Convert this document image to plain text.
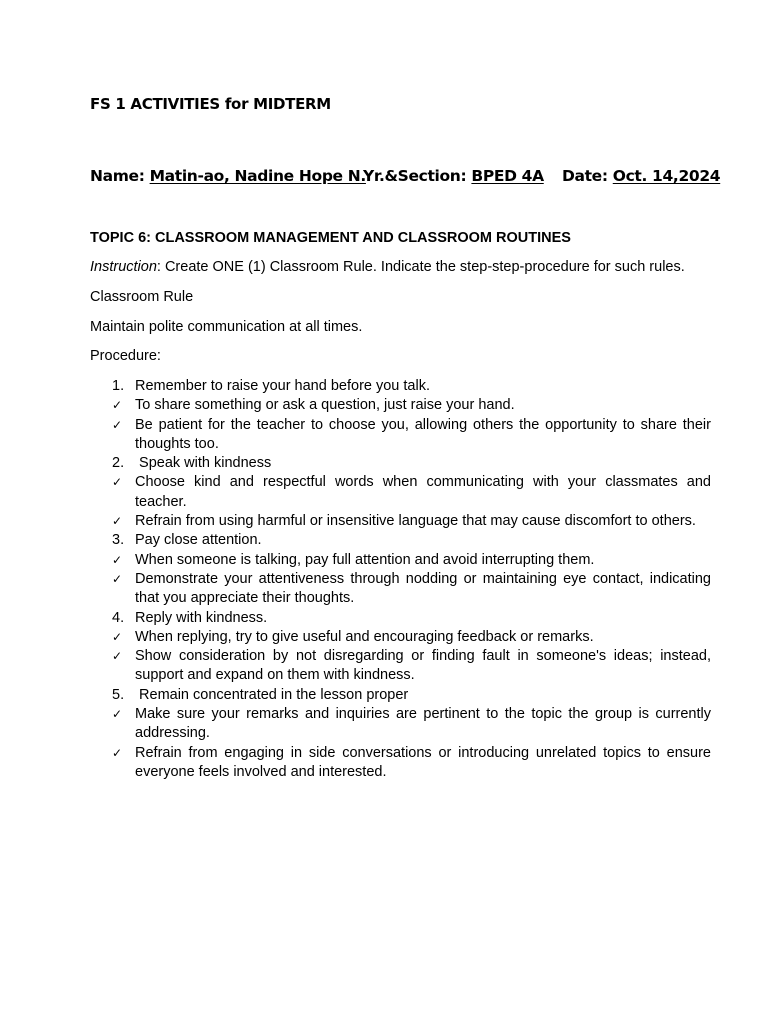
FS 1 ACTIVITIES for MIDTERM
Name: Matin-ao, Nadine Hope N.
Yr.&Section: BPED 4A Date: Oct. 14,2024
TOPIC 6: CLASSROOM MANAGEMENT AND CLASSROOM ROUTINES
Instruction: Create ONE (1) Classroom Rule. Indicate the step-step-procedure for such rules.
Classroom Rule
Maintain polite communication at all times.
Procedure:
1. Remember to raise your hand before you talk.
✓ To share something or ask a question, just raise your hand.
✓ Be patient for the teacher to choose you, allowing others the opportunity to share their thoughts too.
2. Speak with kindness
✓ Choose kind and respectful words when communicating with your classmates and teacher.
✓ Refrain from using harmful or insensitive language that may cause discomfort to others.
3. Pay close attention.
✓ When someone is talking, pay full attention and avoid interrupting them.
✓ Demonstrate your attentiveness through nodding or maintaining eye contact, indicating that you appreciate their thoughts.
4. Reply with kindness.
✓ When replying, try to give useful and encouraging feedback or remarks.
✓ Show consideration by not disregarding or finding fault in someone's ideas; instead, support and expand on them with kindness.
5. Remain concentrated in the lesson proper
✓ Make sure your remarks and inquiries are pertinent to the topic the group is currently addressing.
✓ Refrain from engaging in side conversations or introducing unrelated topics to ensure everyone feels involved and interested.
